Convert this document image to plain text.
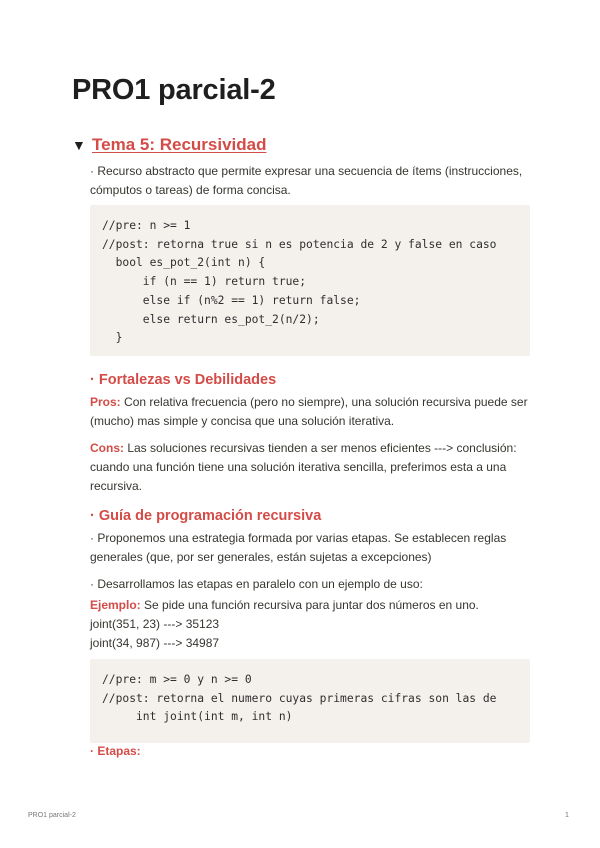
PRO1 parcial-2
▼ Tema 5: Recursividad

· Recurso abstracto que permite expresar una secuencia de ítems (instrucciones, cómputos o tareas) de forma concisa.

//pre: n >= 1
//post: retorna true si n es potencia de 2 y false en caso
bool es_pot_2(int n) {
if (n == 1) return true;
else if (n%2 == 1) return false;
else return es_pot_2(n/2);
}
· Fortalezas vs Debilidades

Pros: Con relativa frecuencia (pero no siempre), una solución recursiva puede ser (mucho) mas simple y concisa que una solución iterativa.

Cons: Las soluciones recursivas tienden a ser menos eficientes ---> conclusión: cuando una función tiene una solución iterativa sencilla, preferimos esta a una recursiva.

· Guía de programación recursiva

· Proponemos una estrategia formada por varias etapas. Se establecen reglas generales (que, por ser generales, están sujetas a excepciones)

· Desarrollamos las etapas en paralelo con un ejemplo de uso:

Ejemplo: Se pide una función recursiva para juntar dos números en uno.

joint(351, 23) ---> 35123

joint(34, 987) ---> 34987

//pre: m >= 0 y n >= 0
//post: retorna el numero cuyas primeras cifras son las de
int joint(int m, int n)

· Etapas:

PRO1 parcial-2	1
